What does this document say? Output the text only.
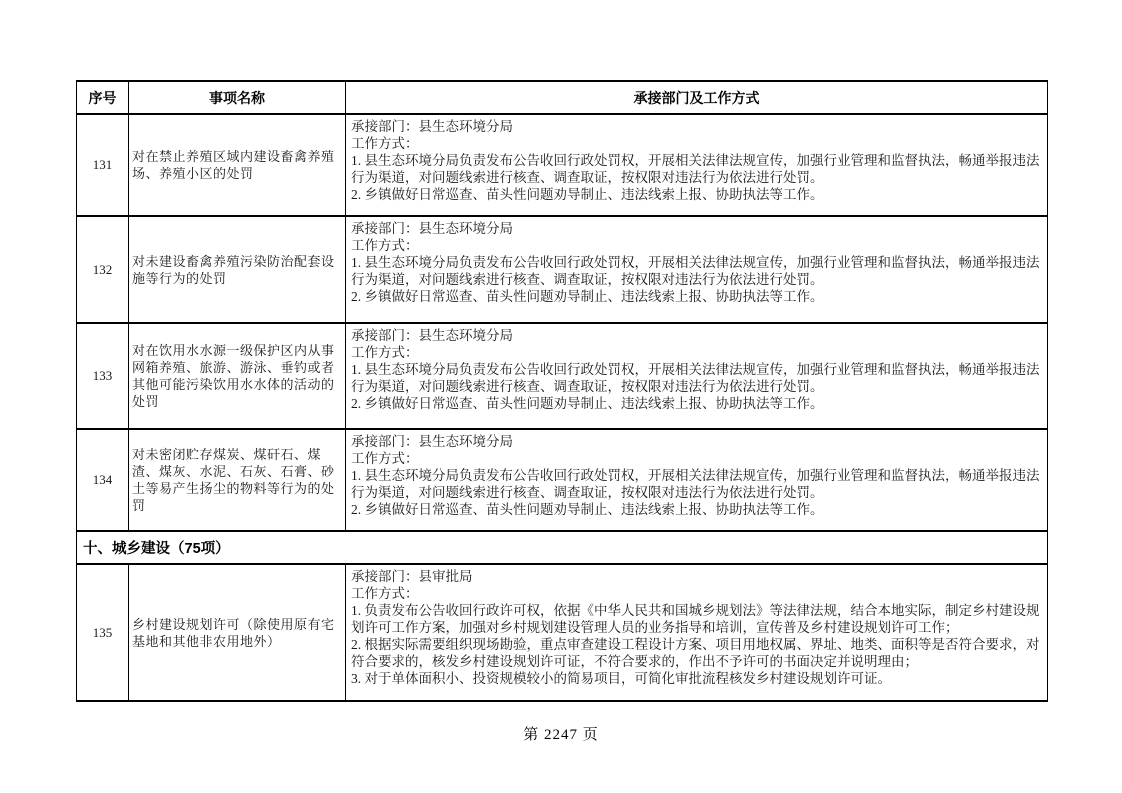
序号	事项名称	承接部门及工作方式
131	对在禁止养殖区域内建设畜禽养殖场、养殖小区的处罚	承接部门：县生态环境分局
工作方式：
1. 县生态环境分局负责发布公告收回行政处罚权，开展相关法律法规宣传，加强行业管理和监督执法，畅通举报违法行为渠道，对问题线索进行核查、调查取证，按权限对违法行为依法进行处罚。
2. 乡镇做好日常巡查、苗头性问题劝导制止、违法线索上报、协助执法等工作。

132	对未建设畜禽养殖污染防治配套设施等行为的处罚	承接部门：县生态环境分局
工作方式：
1. 县生态环境分局负责发布公告收回行政处罚权，开展相关法律法规宣传，加强行业管理和监督执法，畅通举报违法行为渠道，对问题线索进行核查、调查取证，按权限对违法行为依法进行处罚。
2. 乡镇做好日常巡查、苗头性问题劝导制止、违法线索上报、协助执法等工作。

133	对在饮用水水源一级保护区内从事网箱养殖、旅游、游泳、垂钓或者其他可能污染饮用水水体的活动的处罚	承接部门：县生态环境分局
工作方式：
1. 县生态环境分局负责发布公告收回行政处罚权，开展相关法律法规宣传，加强行业管理和监督执法，畅通举报违法行为渠道，对问题线索进行核查、调查取证，按权限对违法行为依法进行处罚。
2. 乡镇做好日常巡查、苗头性问题劝导制止、违法线索上报、协助执法等工作。

134	对未密闭贮存煤炭、煤矸石、煤渣、煤灰、水泥、石灰、石膏、砂土等易产生扬尘的物料等行为的处罚	承接部门：县生态环境分局
工作方式：
1. 县生态环境分局负责发布公告收回行政处罚权，开展相关法律法规宣传，加强行业管理和监督执法，畅通举报违法行为渠道，对问题线索进行核查、调查取证，按权限对违法行为依法进行处罚。
2. 乡镇做好日常巡查、苗头性问题劝导制止、违法线索上报、协助执法等工作。

十、城乡建设（75项）		
135	乡村建设规划许可（除使用原有宅基地和其他非农用地外）	承接部门：县审批局
工作方式：
1. 负责发布公告收回行政许可权，依据《中华人民共和国城乡规划法》等法律法规，结合本地实际，制定乡村建设规划许可工作方案，加强对乡村规划建设管理人员的业务指导和培训，宣传普及乡村建设规划许可工作；
2. 根据实际需要组织现场勘验，重点审查建设工程设计方案、项目用地权属、界址、地类、面积等是否符合要求，对符合要求的，核发乡村建设规划许可证，不符合要求的，作出不予许可的书面决定并说明理由；
3. 对于单体面积小、投资规模较小的简易项目，可简化审批流程核发乡村建设规划许可证。
第 2247 页
